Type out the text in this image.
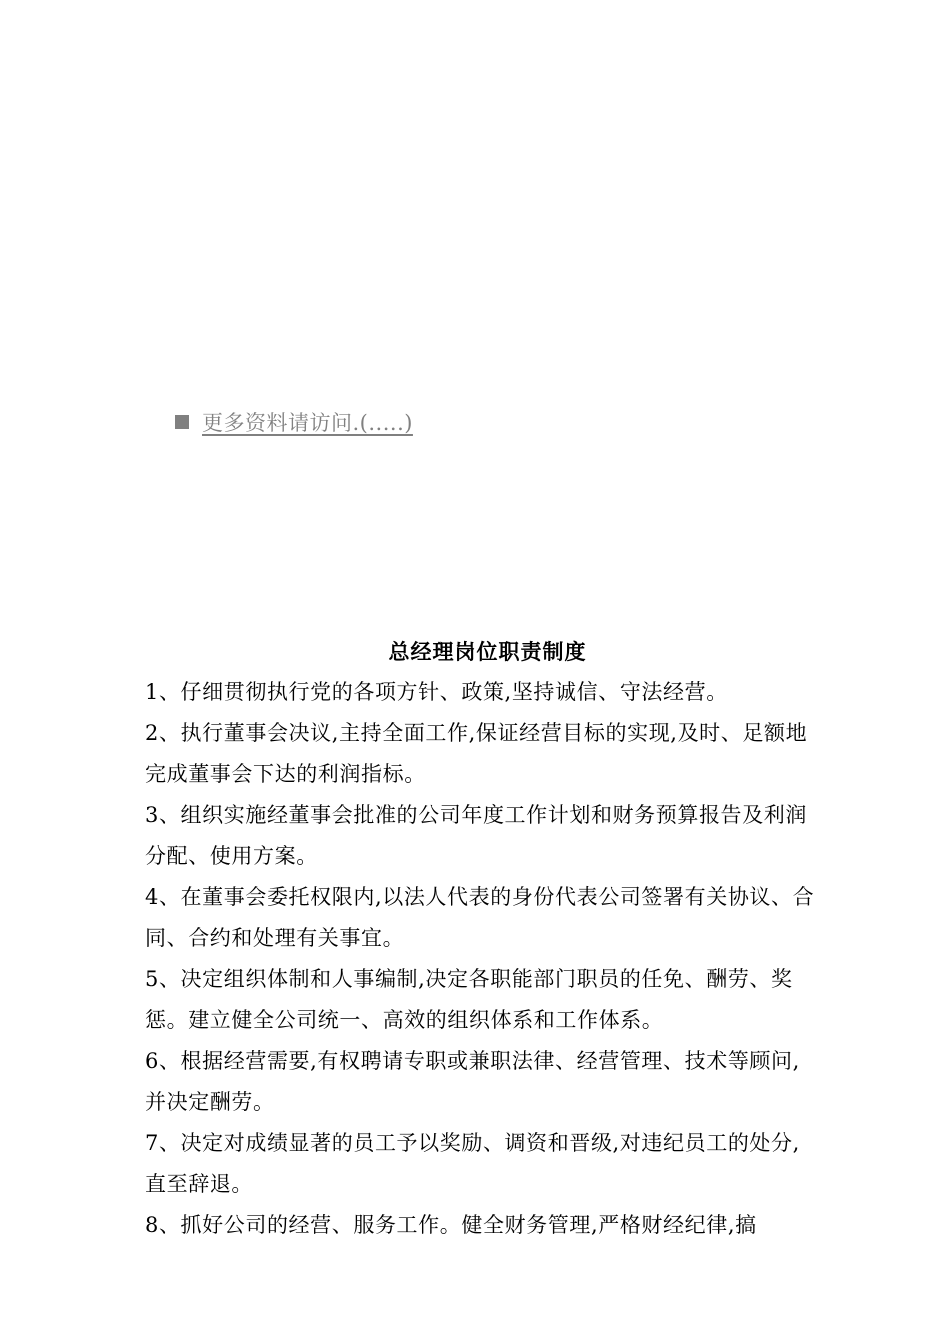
更多资料请访问.(.....)
总经理岗位职责制度

1、仔细贯彻执行党的各项方针、政策,坚持诚信、守法经营。

2、执行董事会决议,主持全面工作,保证经营目标的实现,及时、足额地完成董事会下达的利润指标。

3、组织实施经董事会批准的公司年度工作计划和财务预算报告及利润分配、使用方案。

4、在董事会委托权限内,以法人代表的身份代表公司签署有关协议、合同、合约和处理有关事宜。

5、决定组织体制和人事编制,决定各职能部门职员的任免、酬劳、奖惩。建立健全公司统一、高效的组织体系和工作体系。

6、根据经营需要,有权聘请专职或兼职法律、经营管理、技术等顾问,并决定酬劳。

7、决定对成绩显著的员工予以奖励、调资和晋级,对违纪员工的处分,直至辞退。

8、抓好公司的经营、服务工作。健全财务管理,严格财经纪律,搞
